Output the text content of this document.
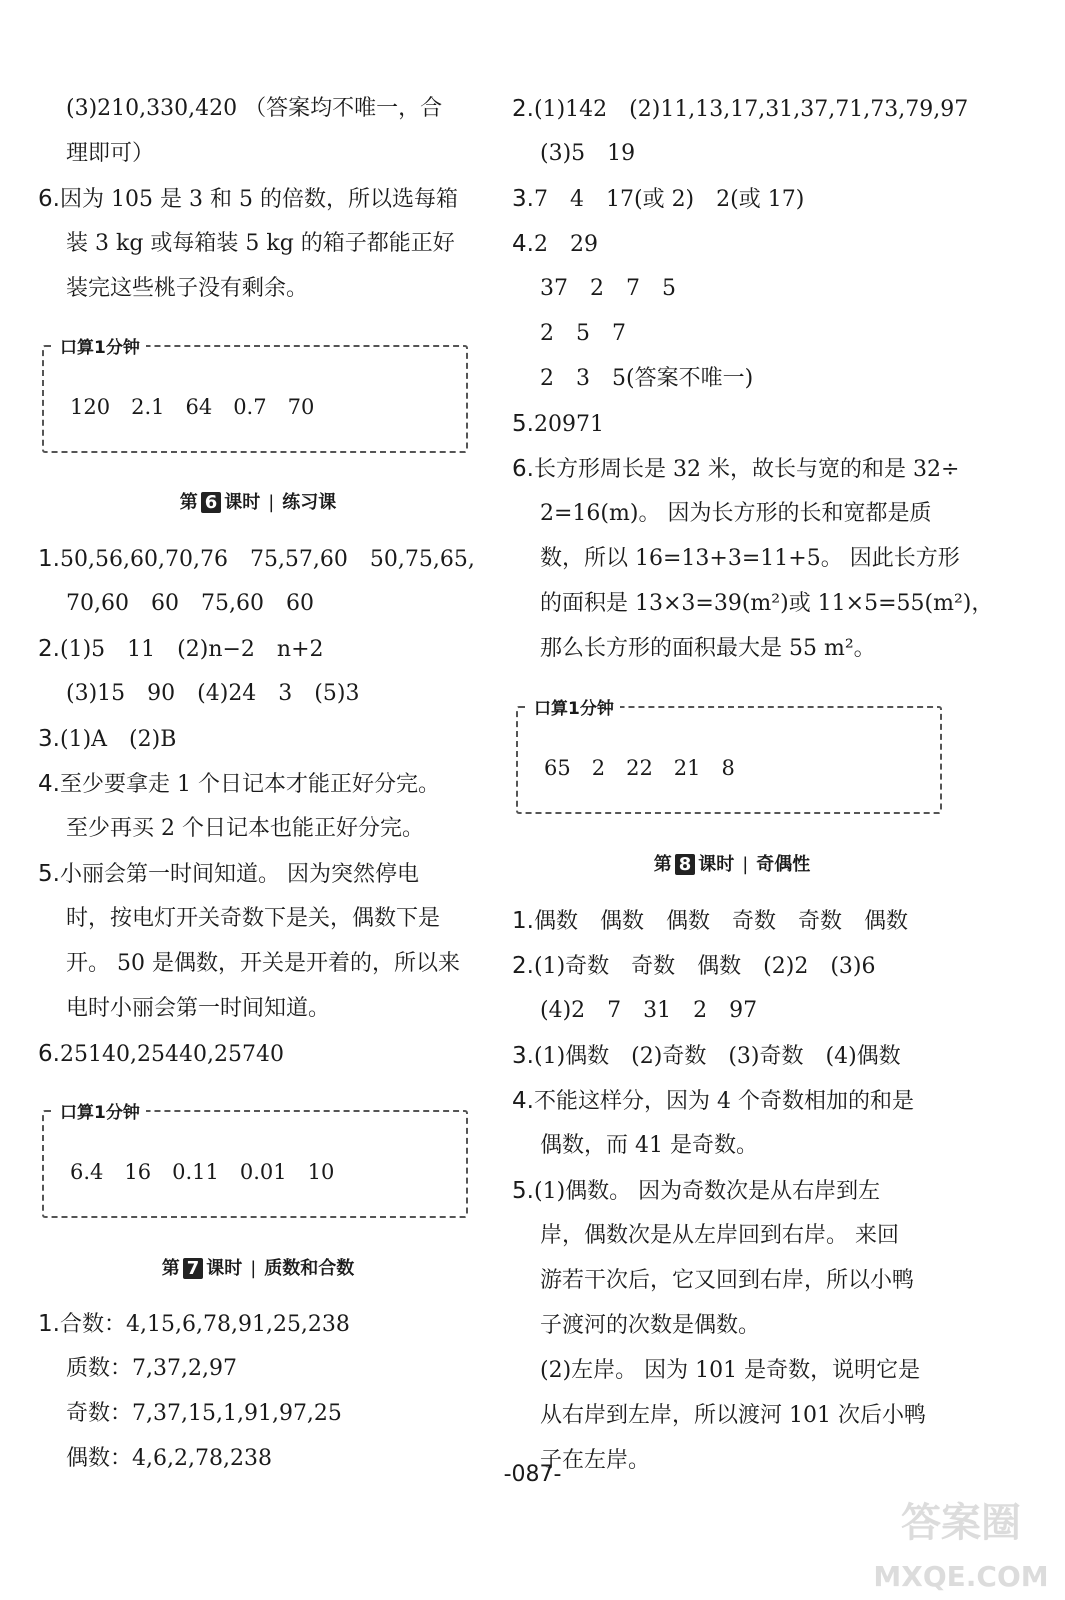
(3)210,330,420 （答案均不唯一，合
理即可）
6.因为 105 是 3 和 5 的倍数，所以选每箱
装 3 kg 或每箱装 5 kg 的箱子都能正好
装完这些桃子没有剩余。
口算1分钟
120　2.1　64　0.7　70
第 6 课时 | 练习课
1.50,56,60,70,76　75,57,60　50,75,65,
70,60　60　75,60　60
2.(1)5　11　(2)n−2　n+2
(3)15　90　(4)24　3　(5)3
3.(1)A　(2)B
4.至少要拿走 1 个日记本才能正好分完。
至少再买 2 个日记本也能正好分完。
5.小丽会第一时间知道。 因为突然停电
时，按电灯开关奇数下是关，偶数下是
开。 50 是偶数，开关是开着的，所以来
电时小丽会第一时间知道。
6.25140,25440,25740
口算1分钟
6.4　16　0.11　0.01　10
第 7 课时 | 质数和合数
1.合数：4,15,6,78,91,25,238
质数：7,37,2,97
奇数：7,37,15,1,91,97,25
偶数：4,6,2,78,238
2.(1)142　(2)11,13,17,31,37,71,73,79,97
(3)5　19
3.7　4　17(或 2)　2(或 17)
4.2　29
37　2　7　5
2　5　7
2　3　5(答案不唯一)
5.20971
6.长方形周长是 32 米，故长与宽的和是 32÷
2=16(m)。 因为长方形的长和宽都是质
数，所以 16=13+3=11+5。 因此长方形
的面积是 13×3=39(m²)或 11×5=55(m²)，
那么长方形的面积最大是 55 m²。
口算1分钟
65　2　22　21　8
第 8 课时 | 奇偶性
1.偶数　偶数　偶数　奇数　奇数　偶数
2.(1)奇数　奇数　偶数　(2)2　(3)6
(4)2　7　31　2　97
3.(1)偶数　(2)奇数　(3)奇数　(4)偶数
4.不能这样分，因为 4 个奇数相加的和是
偶数，而 41 是奇数。
5.(1)偶数。 因为奇数次是从右岸到左
岸，偶数次是从左岸回到右岸。 来回
游若干次后，它又回到右岸，所以小鸭
子渡河的次数是偶数。
(2)左岸。 因为 101 是奇数，说明它是
从右岸到左岸，所以渡河 101 次后小鸭
子在左岸。
-087-
答案圈
MXQE.COM
